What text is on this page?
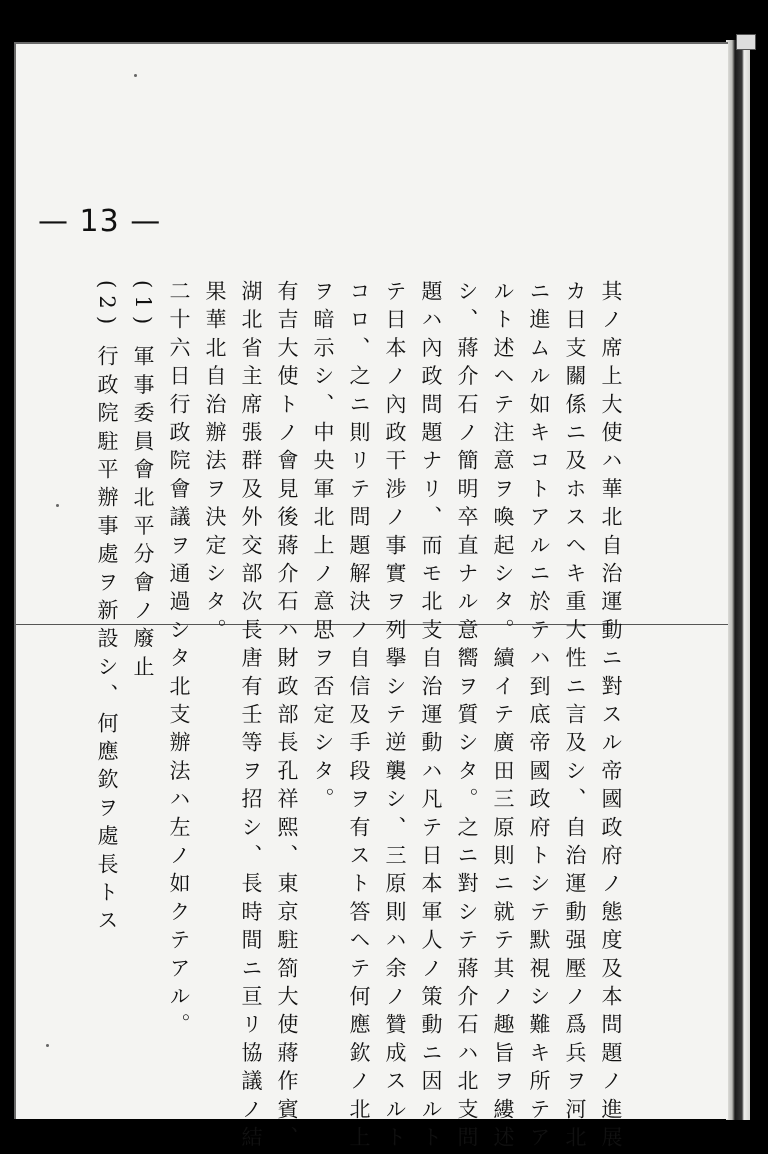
— 13 —
其ノ席上大使ハ華北自治運動ニ對スル帝國政府ノ態度及本問題ノ進展
カ日支關係ニ及ホスヘキ重大性ニ言及シ、自治運動强壓ノ爲兵ヲ河北
ニ進ムル如キコトアルニ於テハ到底帝國政府トシテ默視シ難キ所テア
ルト述ヘテ注意ヲ喚起シタ。續イテ廣田三原則ニ就テ其ノ趣旨ヲ縷述
シ、蔣介石ノ簡明卒直ナル意嚮ヲ質シタ。之ニ對シテ蔣介石ハ北支問
題ハ內政問題ナリ、而モ北支自治運動ハ凡テ日本軍人ノ策動ニ因ルト
テ日本ノ內政干涉ノ事實ヲ列擧シテ逆襲シ、三原則ハ余ノ贊成スルト
コロ、之ニ則リテ問題解決ノ自信及手段ヲ有スト答ヘテ何應欽ノ北上
ヲ暗示シ、中央軍北上ノ意思ヲ否定シタ。
有吉大使トノ會見後蔣介石ハ財政部長孔祥熙、東京駐箚大使蔣作賓、
湖北省主席張群及外交部次長唐有壬等ヲ招シ、長時間ニ亘リ協議ノ結
果華北自治辦法ヲ決定シタ。
二十六日行政院會議ヲ通過シタ北支辦法ハ左ノ如クテアル。
(1) 軍事委員會北平分會ノ廢止
(2) 行政院駐平辦事處ヲ新設シ、何應欽ヲ處長トス
